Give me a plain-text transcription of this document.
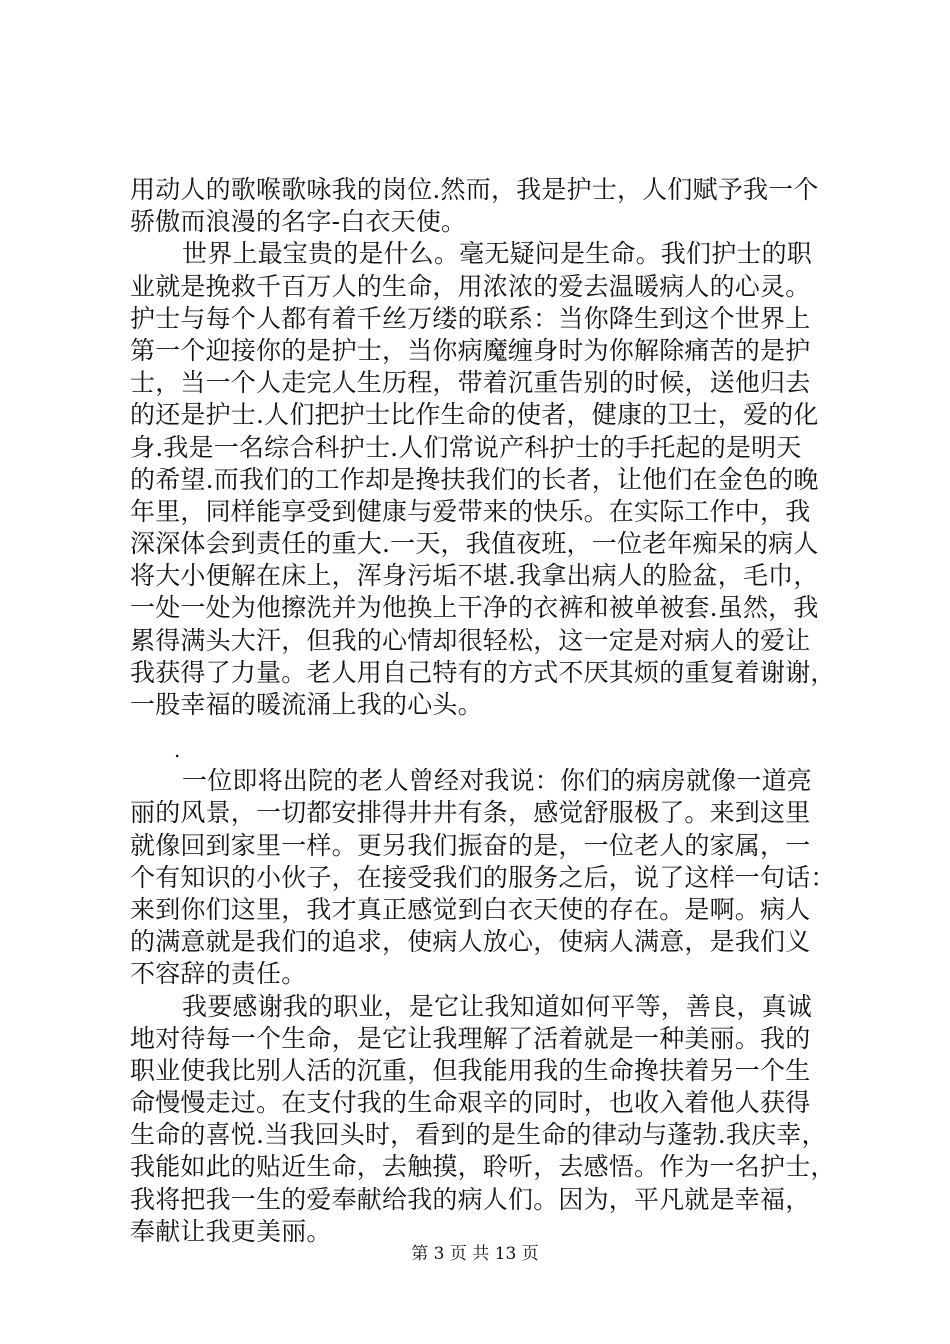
用动人的歌喉歌咏我的岗位.然而，我是护士，人们赋予我一个
骄傲而浪漫的名字-白衣天使。
世界上最宝贵的是什么。毫无疑问是生命。我们护士的职
业就是挽救千百万人的生命，用浓浓的爱去温暖病人的心灵。
护士与每个人都有着千丝万缕的联系：当你降生到这个世界上
第一个迎接你的是护士，当你病魔缠身时为你解除痛苦的是护
士，当一个人走完人生历程，带着沉重告别的时候，送他归去
的还是护士.人们把护士比作生命的使者，健康的卫士，爱的化
身.我是一名综合科护士.人们常说产科护士的手托起的是明天
的希望.而我们的工作却是搀扶我们的长者，让他们在金色的晚
年里，同样能享受到健康与爱带来的快乐。在实际工作中，我
深深体会到责任的重大.一天，我值夜班，一位老年痴呆的病人
将大小便解在床上，浑身污垢不堪.我拿出病人的脸盆，毛巾，
一处一处为他擦洗并为他换上干净的衣裤和被单被套.虽然，我
累得满头大汗，但我的心情却很轻松，这一定是对病人的爱让
我获得了力量。老人用自己特有的方式不厌其烦的重复着谢谢，
一股幸福的暖流涌上我的心头。
.
一位即将出院的老人曾经对我说：你们的病房就像一道亮
丽的风景，一切都安排得井井有条，感觉舒服极了。来到这里
就像回到家里一样。更另我们振奋的是，一位老人的家属，一
个有知识的小伙子，在接受我们的服务之后，说了这样一句话：
来到你们这里，我才真正感觉到白衣天使的存在。是啊。病人
的满意就是我们的追求，使病人放心，使病人满意，是我们义
不容辞的责任。
我要感谢我的职业，是它让我知道如何平等，善良，真诚
地对待每一个生命，是它让我理解了活着就是一种美丽。我的
职业使我比别人活的沉重，但我能用我的生命搀扶着另一个生
命慢慢走过。在支付我的生命艰辛的同时，也收入着他人获得
生命的喜悦.当我回头时，看到的是生命的律动与蓬勃.我庆幸，
我能如此的贴近生命，去触摸，聆听，去感悟。作为一名护士，
我将把我一生的爱奉献给我的病人们。因为，平凡就是幸福，
奉献让我更美丽。
第 3 页 共 13 页
